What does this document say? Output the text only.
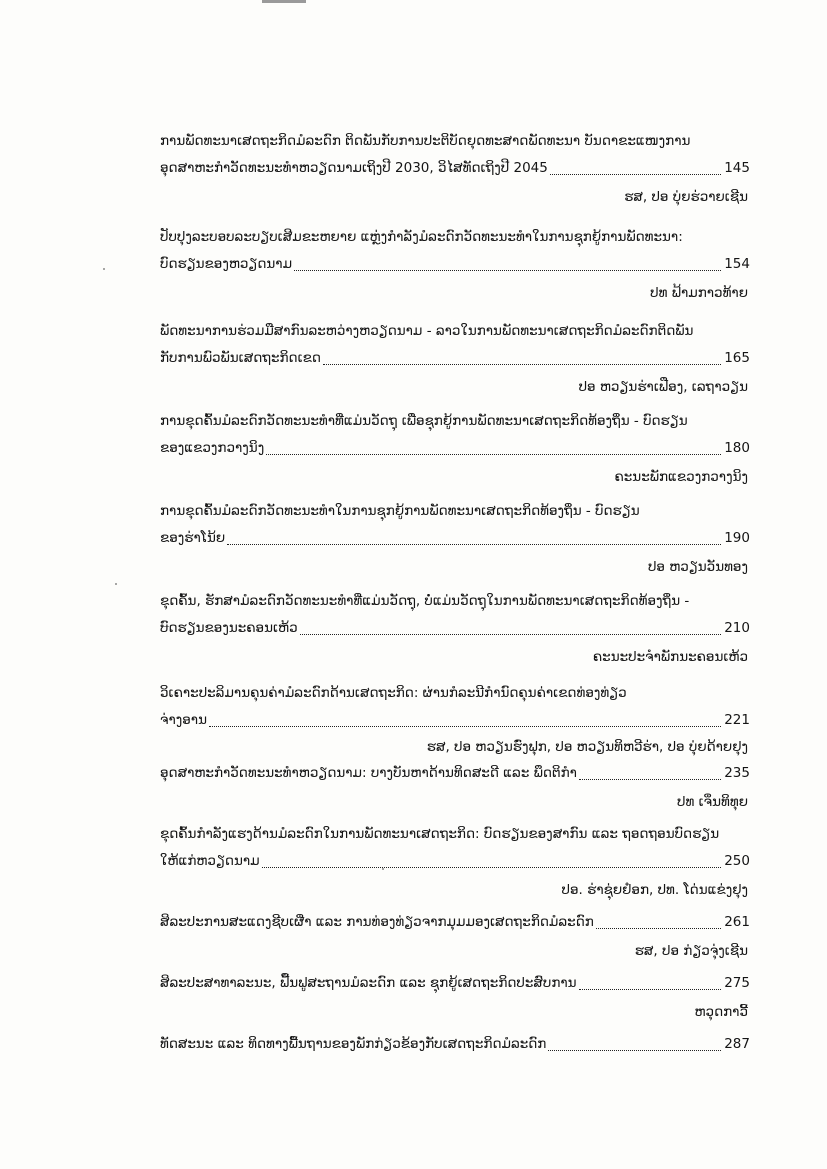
ການພັດທະນາເສດຖະກິດມໍລະດົກ ຕິດພັນກັບການປະຕິບັດຍຸດທະສາດພັດທະນາ ບັນດາຂະແໜງການ
ອຸດສາຫະກຳວັດທະນະທຳຫວຽດນາມເຖິງປີ 2030, ວິໄສທັດເຖິງປີ 2045	145
ຮສ, ປອ ບຸ່ຍຮ່ວາຍເຊີນ
ປັບປຸງລະບອບລະບຽບເສີມຂະຫຍາຍ ແຫຼ່ງກຳລັງມໍລະດົກວັດທະນະທຳໃນການຊຸກຍູ້ການພັດທະນາ:
ບົດຮຽນຂອງຫວຽດນາມ	154
ປທ ຟ້າມກາວທ້າຍ
ພັດທະນາການຮ່ວມມືສາກົນລະຫວ່າງຫວຽດນາມ - ລາວໃນການພັດທະນາເສດຖະກິດມໍລະດົກຕິດພັນ
ກັບການພົວພັນເສດຖະກິດເຂດ	165
ປອ ຫວຽນຮ່າເຟືອງ, ເລຖາວຽນ
ການຂຸດຄົ້ນມໍລະດົກວັດທະນະທຳທີ່ແມ່ນວັດຖຸ ເພື່ອຊຸກຍູ້ການພັດທະນາເສດຖະກິດທ້ອງຖິ່ນ - ບົດຮຽນ
ຂອງແຂວງກວາງນິງ	180
ຄະນະພັກແຂວງກວາງນິງ
ການຂຸດຄົ້ນມໍລະດົກວັດທະນະທຳໃນການຊຸກຍູ້ການພັດທະນາເສດຖະກິດທ້ອງຖິ່ນ - ບົດຮຽນ
ຂອງຮ່າໂນ້ຍ	190
ປອ ຫວຽນວັນທອງ
ຂຸດຄົ້ນ, ຮັກສາມໍລະດົກວັດທະນະທຳທີ່ແມ່ນວັດຖຸ, ບໍ່ແມ່ນວັດຖຸໃນການພັດທະນາເສດຖະກິດທ້ອງຖິ່ນ -
ບົດຮຽນຂອງນະຄອນເຫ້ວ	210
ຄະນະປະຈຳພັກນະຄອນເຫ້ວ
ວິເຄາະປະລິມານຄຸນຄ່າມໍລະດົກດ້ານເສດຖະກິດ: ຜ່ານກໍລະນີກຳນົດຄຸນຄ່າເຂດທ່ອງທ່ຽວ
ຈ່າງອານ	221
ຮສ, ປອ ຫວຽນຮົ່ງຟຸກ, ປອ ຫວຽນທິຫວີຮ່າ, ປອ ບຸ່ຍດ້າຍຢຸງ
ອຸດສາຫະກຳວັດທະນະທຳຫວຽດນາມ: ບາງບັນຫາດ້ານທິດສະດີ ແລະ ພຶດຕິກຳ	235
ປທ ເຈິ່ນທິທຸຍ
ຂຸດຄົ້ນກຳລັງແຮງດ້ານມໍລະດົກໃນການພັດທະນາເສດຖະກິດ: ບົດຮຽນຂອງສາກົນ ແລະ ຖອດຖອນບົດຮຽນ
ໃຫ້ແກ່ຫວຽດນາມ	250
ປອ. ຮ່າຊຸ່ຍຢ໋ອກ, ປທ. ໂດ່ນແຂ່ງຢຸງ
ສິລະປະການສະແດງຊີບເຜີ່າ ແລະ ການທ່ອງທ່ຽວຈາກມຸມມອງເສດຖະກິດມໍລະດົກ	261
ຮສ, ປອ ກ່ຽວຈຸ່ງເຊີນ
ສິລະປະສາທາລະນະ, ຟື້ນຟູສະຖານມໍລະດົກ ແລະ ຊຸກຍູ້ເສດຖະກິດປະສົບການ	275
ຫວຸດກາວີ້
ທັດສະນະ ແລະ ທິດທາງພື້ນຖານຂອງພັກກ່ຽວຂ້ອງກັບເສດຖະກິດມໍລະດົກ	287
